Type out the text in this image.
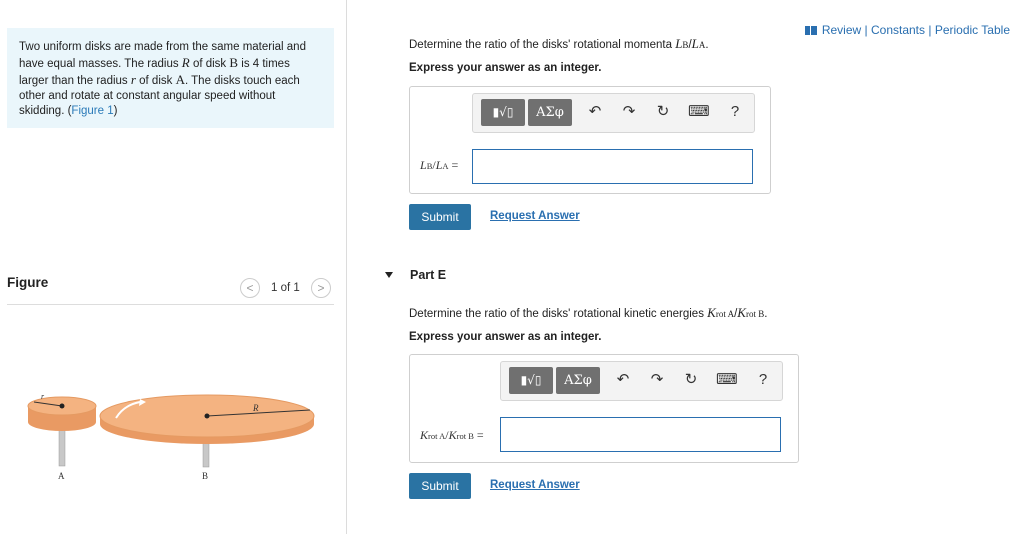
Two uniform disks are made from the same material and
have equal masses. The radius R of disk B is 4 times
larger than the radius r of disk A. The disks touch each
other and rotate at constant angular speed without
skidding. (Figure 1)
Figure	<	1 of 1	>
r
R
A	B
Review | Constants | Periodic Table
Determine the ratio of the disks' rotational momenta LB/LA.
Express your answer as an integer.
▮√▯	ΑΣφ	↶ ↷ ↻ ⌨	?
LB/LA =
Submit	Request Answer
Part E
Determine the ratio of the disks' rotational kinetic energies Krot A/Krot B.
Express your answer as an integer.
▮√▯	ΑΣφ	↶ ↷ ↻ ⌨	?
Krot A/Krot B =
Submit	Request Answer
